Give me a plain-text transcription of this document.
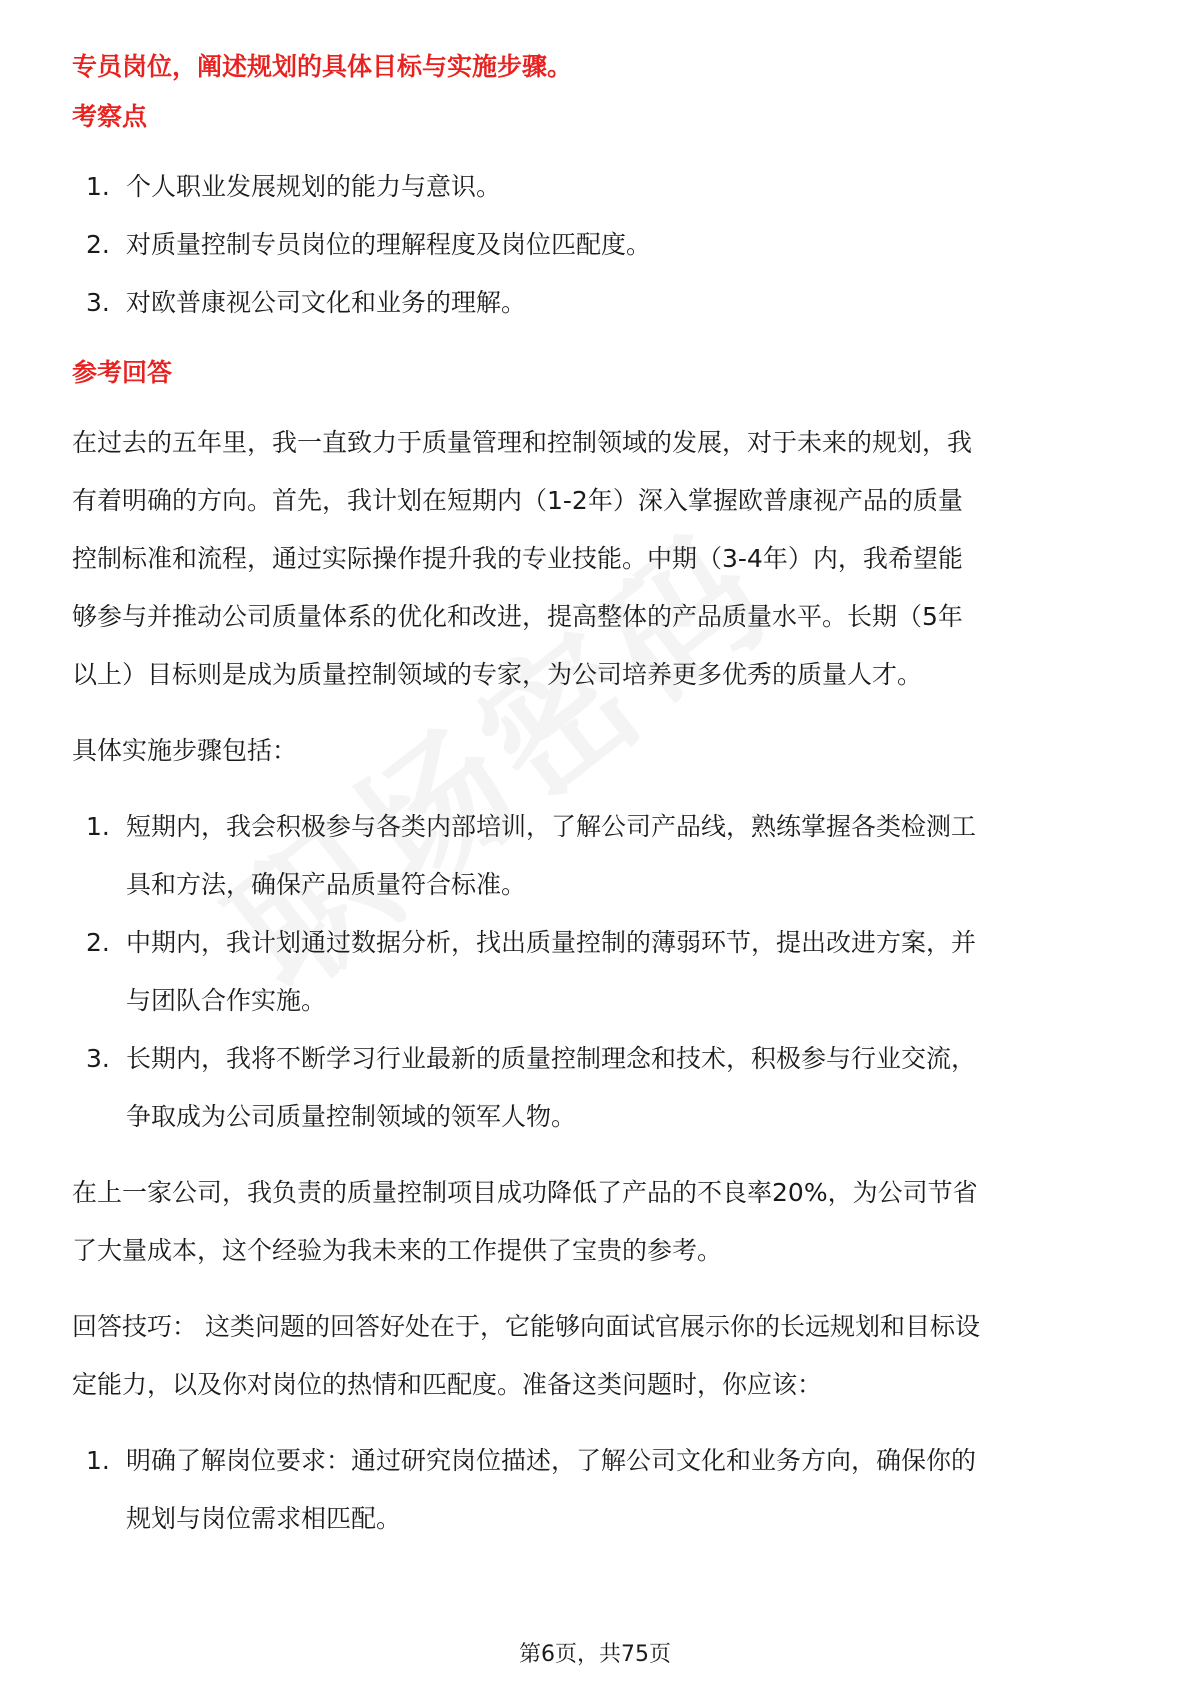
专员岗位，阐述规划的具体目标与实施步骤。
考察点
1. 个人职业发展规划的能力与意识。
2. 对质量控制专员岗位的理解程度及岗位匹配度。
3. 对欧普康视公司文化和业务的理解。
参考回答
在过去的五年里，我一直致力于质量管理和控制领域的发展，对于未来的规划，我
有着明确的方向。首先，我计划在短期内（1-2年）深入掌握欧普康视产品的质量
控制标准和流程，通过实际操作提升我的专业技能。中期（3-4年）内，我希望能
够参与并推动公司质量体系的优化和改进，提高整体的产品质量水平。长期（5年
以上）目标则是成为质量控制领域的专家，为公司培养更多优秀的质量人才。
具体实施步骤包括：
1. 短期内，我会积极参与各类内部培训，了解公司产品线，熟练掌握各类检测工
具和方法，确保产品质量符合标准。
2. 中期内，我计划通过数据分析，找出质量控制的薄弱环节，提出改进方案，并
与团队合作实施。
3. 长期内，我将不断学习行业最新的质量控制理念和技术，积极参与行业交流，
争取成为公司质量控制领域的领军人物。
在上一家公司，我负责的质量控制项目成功降低了产品的不良率20%，为公司节省
了大量成本，这个经验为我未来的工作提供了宝贵的参考。
回答技巧： 这类问题的回答好处在于，它能够向面试官展示你的长远规划和目标设
定能力，以及你对岗位的热情和匹配度。准备这类问题时，你应该：
1. 明确了解岗位要求：通过研究岗位描述，了解公司文化和业务方向，确保你的
规划与岗位需求相匹配。
第6页，共75页
